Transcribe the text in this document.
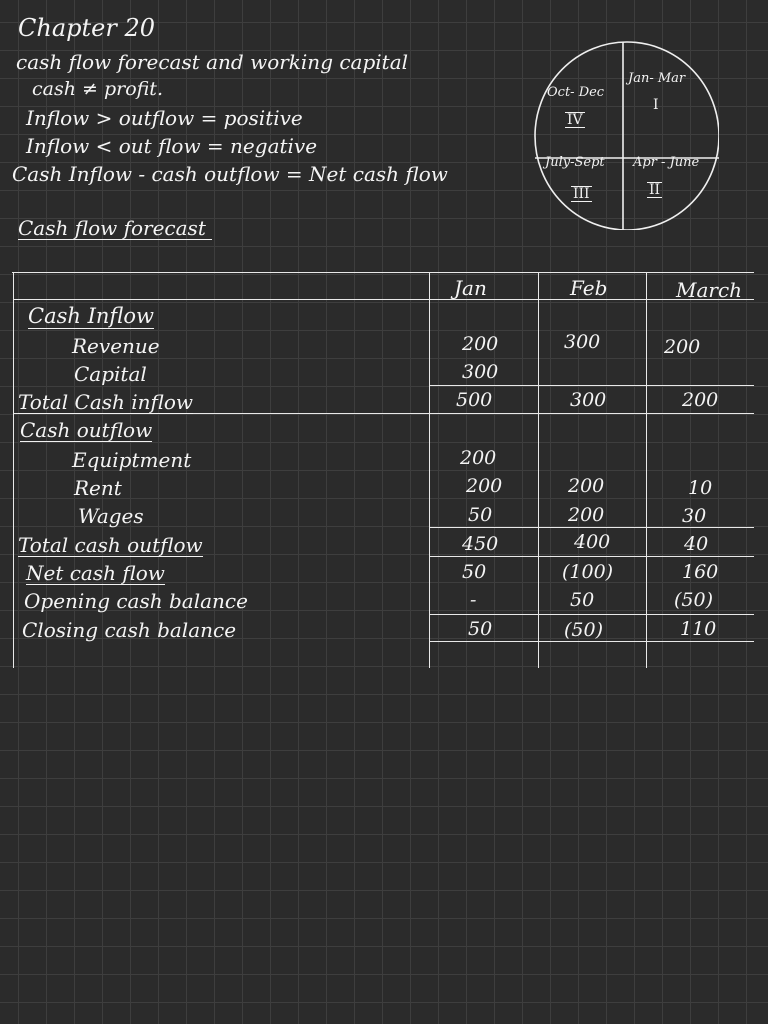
Chapter 20
cash flow forecast and working capital
cash ≠ profit.
Inflow > outflow = positive
Inflow < out flow = negative
Cash Inflow - cash outflow = Net cash flow
Cash flow forecast
Jan- Mar
I
Apr - June
II
July-Sept
III
Oct- Dec
IV
Jan	Feb	March
Cash Inflow
Revenue
Capital
Total Cash inflow
Cash outflow
Equiptment
Rent
Wages
Total cash outflow
Net cash flow
Opening cash balance
Closing cash balance
200
300
500
200
200
50
450
50
-
50
300
300
200
200
400
(100)
50
(50)
200
200
10
30
40
160
(50)
110
